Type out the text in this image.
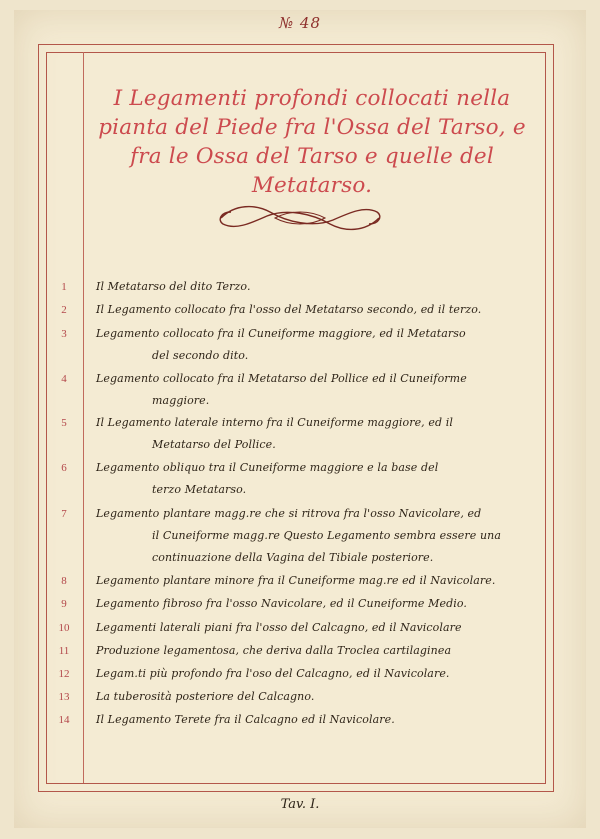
№ 48
I Legamenti profondi collocati nella pianta del Piede fra l'Ossa del Tarso, e fra le Ossa del Tarso e quelle del Metatarso.
1	Il Metatarso del dito Terzo.
2	Il Legamento collocato fra l'osso del Metatarso secondo, ed il terzo.
3	Legamento collocato fra il Cuneiforme maggiore, ed il Metatarso
del secondo dito.
4	Legamento collocato fra il Metatarso del Pollice ed il Cuneiforme
maggiore.
5	Il Legamento laterale interno fra il Cuneiforme maggiore, ed il
Metatarso del Pollice.
6	Legamento obliquo tra il Cuneiforme maggiore e la base del
terzo Metatarso.
7	Legamento plantare magg.re che si ritrova fra l'osso Navicolare, ed
il Cuneiforme magg.re Questo Legamento sembra essere una
continuazione della Vagina del Tibiale posteriore.
8	Legamento plantare minore fra il Cuneiforme mag.re ed il Navicolare.
9	Legamento fibroso fra l'osso Navicolare, ed il Cuneiforme Medio.
10	Legamenti laterali piani fra l'osso del Calcagno, ed il Navicolare
11	Produzione legamentosa, che deriva dalla Troclea cartilaginea
12	Legam.ti più profondo fra l'oso del Calcagno, ed il Navicolare.
13	La tuberosità posteriore del Calcagno.
14	Il Legamento Terete fra il Calcagno ed il Navicolare.
Tav. I.
